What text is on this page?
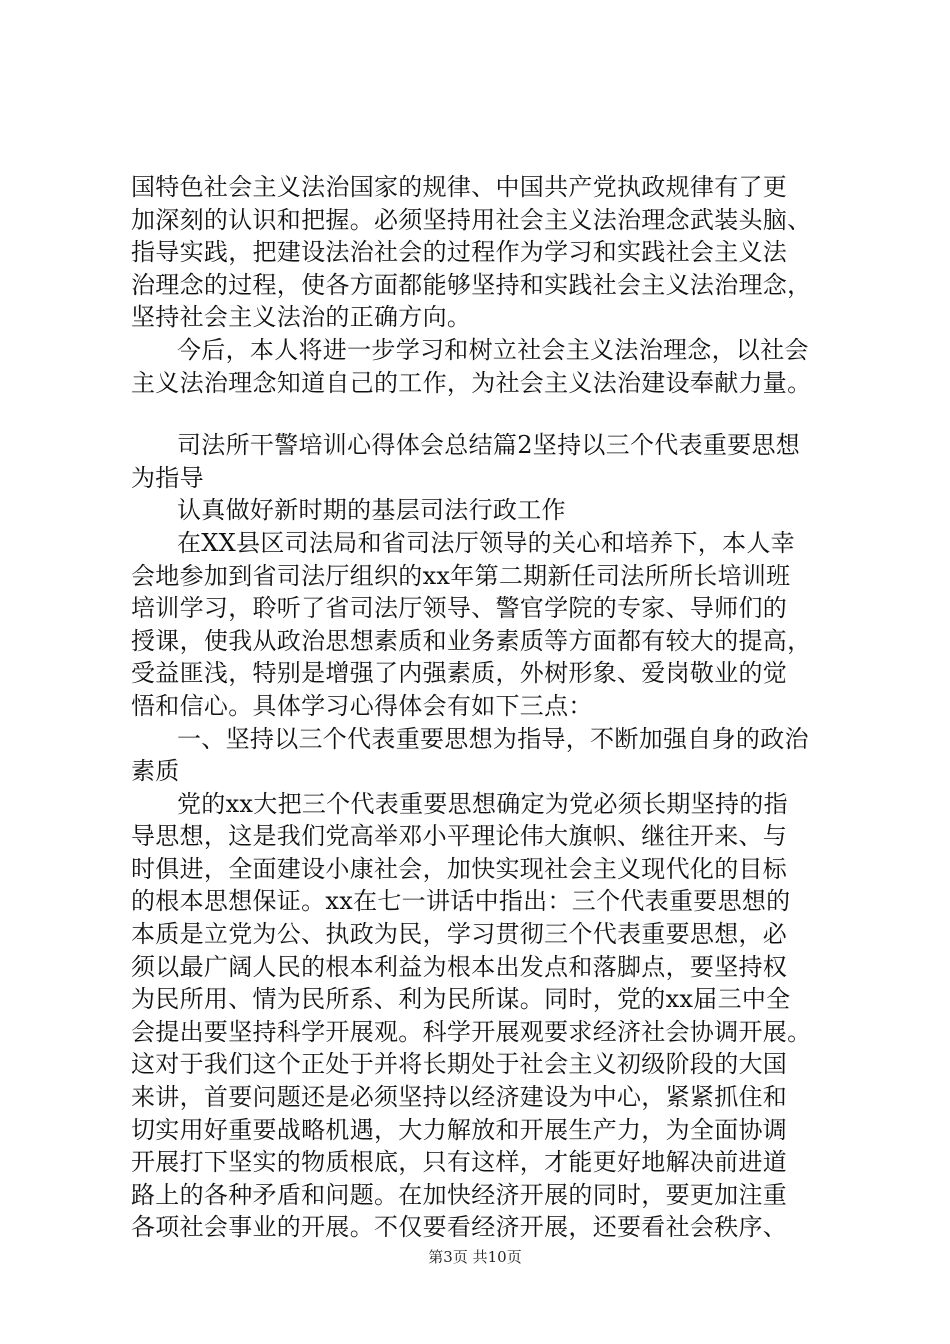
国特色社会主义法治国家的规律、中国共产党执政规律有了更
加深刻的认识和把握。必须坚持用社会主义法治理念武装头脑、
指导实践，把建设法治社会的过程作为学习和实践社会主义法
治理念的过程，使各方面都能够坚持和实践社会主义法治理念，
坚持社会主义法治的正确方向。
今后，本人将进一步学习和树立社会主义法治理念，以社会
主义法治理念知道自己的工作，为社会主义法治建设奉献力量。
司法所干警培训心得体会总结篇2坚持以三个代表重要思想
为指导
认真做好新时期的基层司法行政工作
在XX县区司法局和省司法厅领导的关心和培养下，本人幸
会地参加到省司法厅组织的xx年第二期新任司法所所长培训班
培训学习，聆听了省司法厅领导、警官学院的专家、导师们的
授课，使我从政治思想素质和业务素质等方面都有较大的提高，
受益匪浅，特别是增强了内强素质，外树形象、爱岗敬业的觉
悟和信心。具体学习心得体会有如下三点：
一、坚持以三个代表重要思想为指导，不断加强自身的政治
素质
党的xx大把三个代表重要思想确定为党必须长期坚持的指
导思想，这是我们党高举邓小平理论伟大旗帜、继往开来、与
时俱进，全面建设小康社会，加快实现社会主义现代化的目标
的根本思想保证。xx在七一讲话中指出：三个代表重要思想的
本质是立党为公、执政为民，学习贯彻三个代表重要思想，必
须以最广阔人民的根本利益为根本出发点和落脚点，要坚持权
为民所用、情为民所系、利为民所谋。同时，党的xx届三中全
会提出要坚持科学开展观。科学开展观要求经济社会协调开展。
这对于我们这个正处于并将长期处于社会主义初级阶段的大国
来讲，首要问题还是必须坚持以经济建设为中心，紧紧抓住和
切实用好重要战略机遇，大力解放和开展生产力，为全面协调
开展打下坚实的物质根底，只有这样，才能更好地解决前进道
路上的各种矛盾和问题。在加快经济开展的同时，要更加注重
各项社会事业的开展。不仅要看经济开展，还要看社会秩序、
第3页 共10页
